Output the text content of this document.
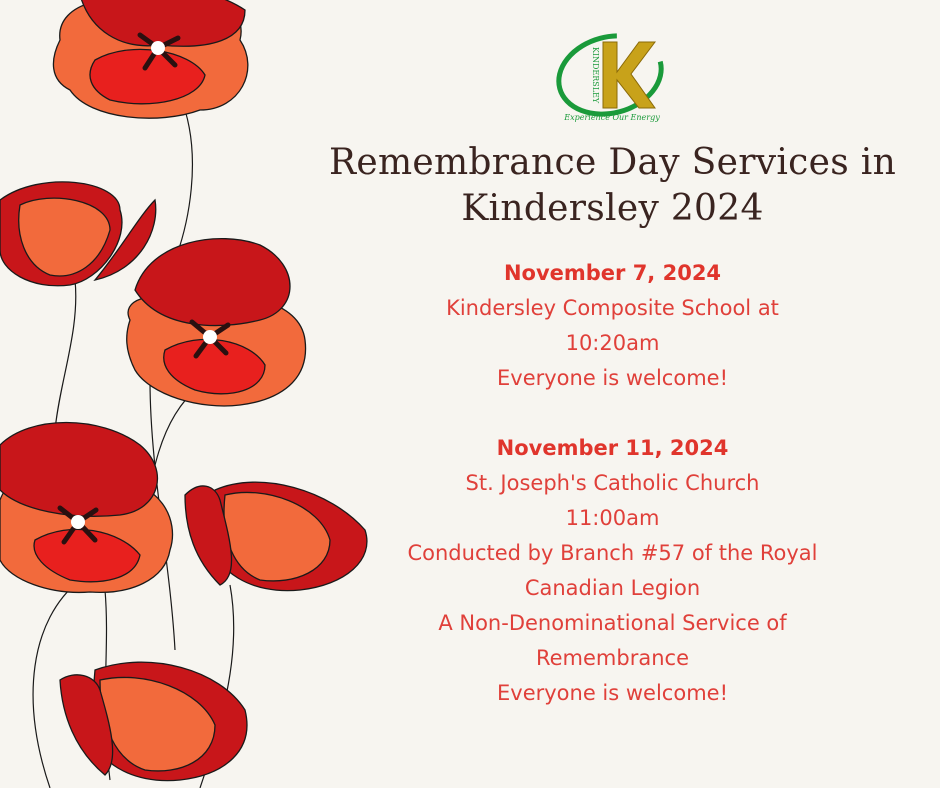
KINDERSLEY
Experience Our Energy
Remembrance Day Services in
Kindersley 2024
November 7, 2024
Kindersley Composite School at
10:20am
Everyone is welcome!
November 11, 2024
St. Joseph's Catholic Church
11:00am
Conducted by Branch #57 of the Royal
Canadian Legion
A Non-Denominational Service of
Remembrance
Everyone is welcome!
